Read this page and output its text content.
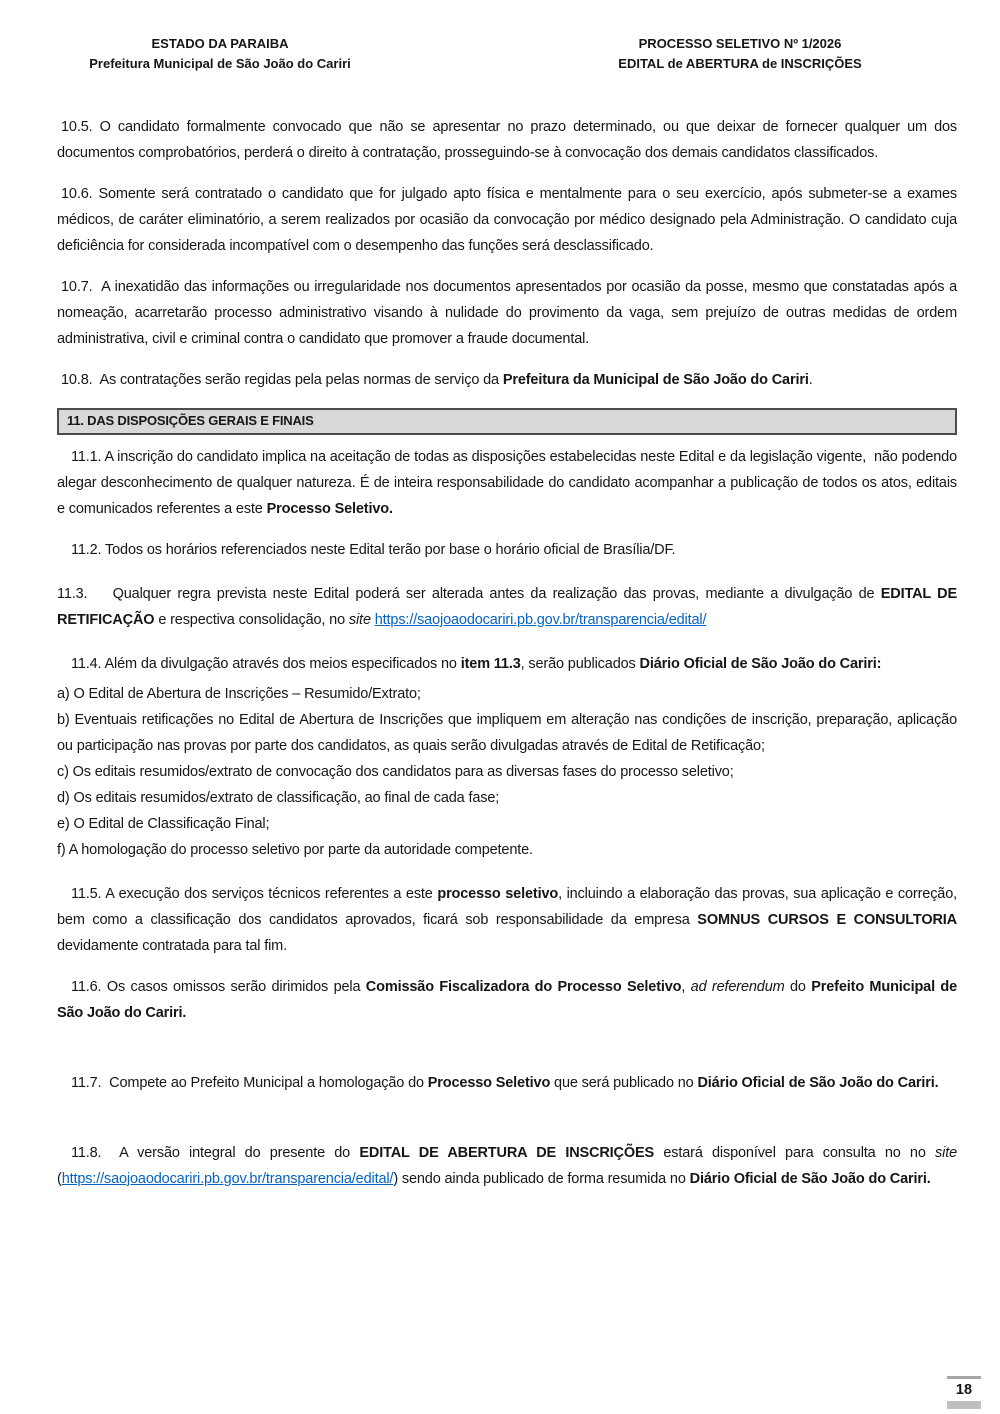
ESTADO DA PARAIBA
Prefeitura Municipal de São João do Cariri
PROCESSO SELETIVO Nº 1/2026
EDITAL de ABERTURA de INSCRIÇÕES

10.5. O candidato formalmente convocado que não se apresentar no prazo determinado, ou que deixar de fornecer qualquer um dos documentos comprobatórios, perderá o direito à contratação, prosseguindo-se à convocação dos demais candidatos classificados.

10.6. Somente será contratado o candidato que for julgado apto física e mentalmente para o seu exercício, após submeter-se a exames médicos, de caráter eliminatório, a serem realizados por ocasião da convocação por médico designado pela Administração. O candidato cuja deficiência for considerada incompatível com o desempenho das funções será desclassificado.

10.7.  A inexatidão das informações ou irregularidade nos documentos apresentados por ocasião da posse, mesmo que constatadas após a nomeação, acarretarão processo administrativo visando à nulidade do provimento da vaga, sem prejuízo de outras medidas de ordem administrativa, civil e criminal contra o candidato que promover a fraude documental.

10.8.  As contratações serão regidas pela pelas normas de serviço da Prefeitura da Municipal de São João do Cariri.

11. DAS DISPOSIÇÕES GERAIS E FINAIS

11.1. A inscrição do candidato implica na aceitação de todas as disposições estabelecidas neste Edital e da legislação vigente,  não podendo alegar desconhecimento de qualquer natureza. É de inteira responsabilidade do candidato acompanhar a publicação de todos os atos, editais e comunicados referentes a este Processo Seletivo.

11.2. Todos os horários referenciados neste Edital terão por base o horário oficial de Brasília/DF.

11.3.    Qualquer regra prevista neste Edital poderá ser alterada antes da realização das provas, mediante a divulgação de EDITAL DE RETIFICAÇÃO e respectiva consolidação, no site https://saojoaodocariri.pb.gov.br/transparencia/edital/

11.4. Além da divulgação através dos meios especificados no item 11.3, serão publicados Diário Oficial de São João do Cariri:

a) O Edital de Abertura de Inscrições – Resumido/Extrato;

b) Eventuais retificações no Edital de Abertura de Inscrições que impliquem em alteração nas condições de inscrição, preparação, aplicação ou participação nas provas por parte dos candidatos, as quais serão divulgadas através de Edital de Retificação;

c) Os editais resumidos/extrato de convocação dos candidatos para as diversas fases do processo seletivo;

d) Os editais resumidos/extrato de classificação, ao final de cada fase;

e) O Edital de Classificação Final;

f) A homologação do processo seletivo por parte da autoridade competente.

11.5. A execução dos serviços técnicos referentes a este processo seletivo, incluindo a elaboração das provas, sua aplicação e correção, bem como a classificação dos candidatos aprovados, ficará sob responsabilidade da empresa SOMNUS CURSOS E CONSULTORIA devidamente contratada para tal fim.

11.6. Os casos omissos serão dirimidos pela Comissão Fiscalizadora do Processo Seletivo, ad referendum do Prefeito Municipal de São João do Cariri.

11.7.  Compete ao Prefeito Municipal a homologação do Processo Seletivo que será publicado no Diário Oficial de São João do Cariri.

11.8.  A versão integral do presente do EDITAL DE ABERTURA DE INSCRIÇÕES estará disponível para consulta no no site (https://saojoaodocariri.pb.gov.br/transparencia/edital/) sendo ainda publicado de forma resumida no Diário Oficial de São João do Cariri.

18
